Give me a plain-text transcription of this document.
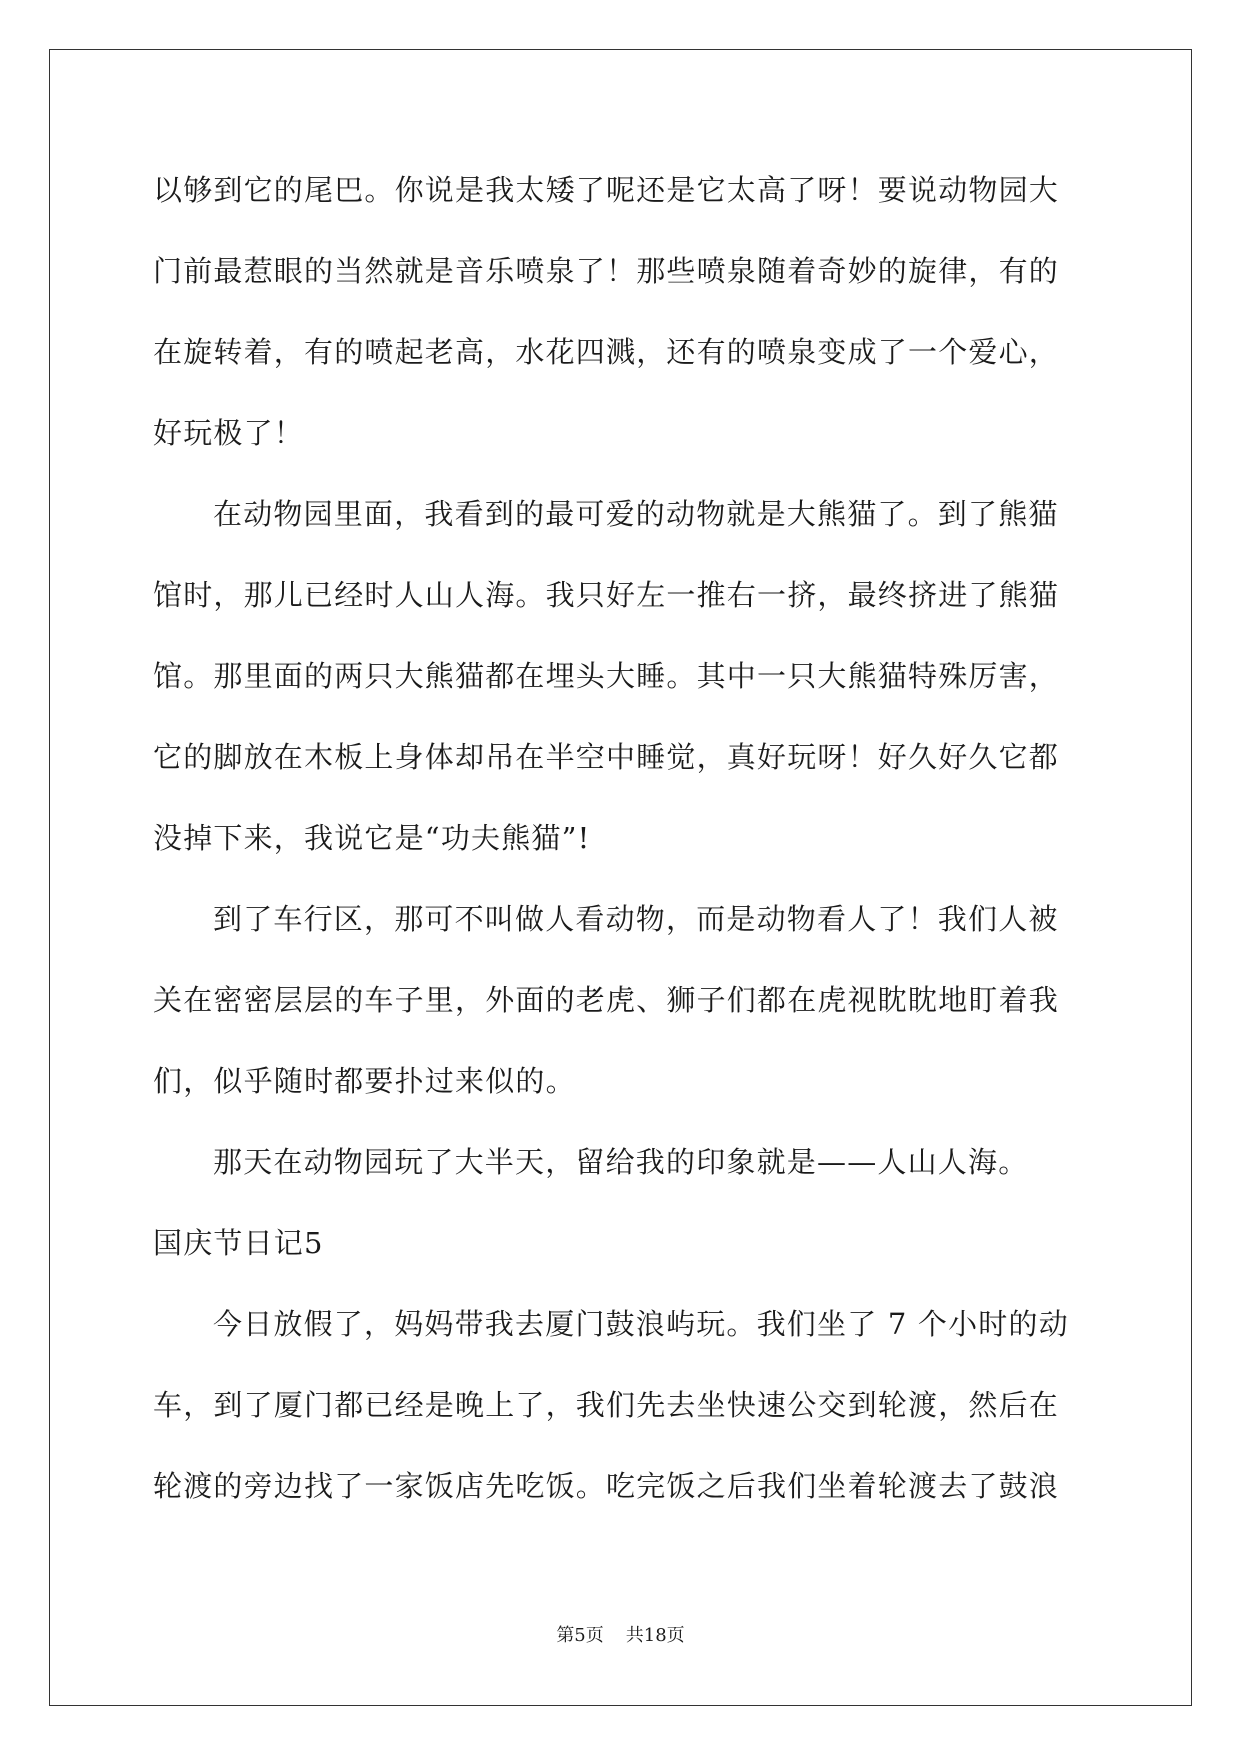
以够到它的尾巴。你说是我太矮了呢还是它太高了呀！要说动物园大
门前最惹眼的当然就是音乐喷泉了！那些喷泉随着奇妙的旋律，有的
在旋转着，有的喷起老高，水花四溅，还有的喷泉变成了一个爱心，
好玩极了！
在动物园里面，我看到的最可爱的动物就是大熊猫了。到了熊猫
馆时，那儿已经时人山人海。我只好左一推右一挤，最终挤进了熊猫
馆。那里面的两只大熊猫都在埋头大睡。其中一只大熊猫特殊厉害，
它的脚放在木板上身体却吊在半空中睡觉，真好玩呀！好久好久它都
没掉下来，我说它是“功夫熊猫”!
到了车行区，那可不叫做人看动物，而是动物看人了！我们人被
关在密密层层的车子里，外面的老虎、狮子们都在虎视眈眈地盯着我
们，似乎随时都要扑过来似的。
那天在动物园玩了大半天，留给我的印象就是——人山人海。
国庆节日记5
今日放假了，妈妈带我去厦门鼓浪屿玩。我们坐了 7 个小时的动
车，到了厦门都已经是晚上了，我们先去坐快速公交到轮渡，然后在
轮渡的旁边找了一家饭店先吃饭。吃完饭之后我们坐着轮渡去了鼓浪
第5页 共18页
